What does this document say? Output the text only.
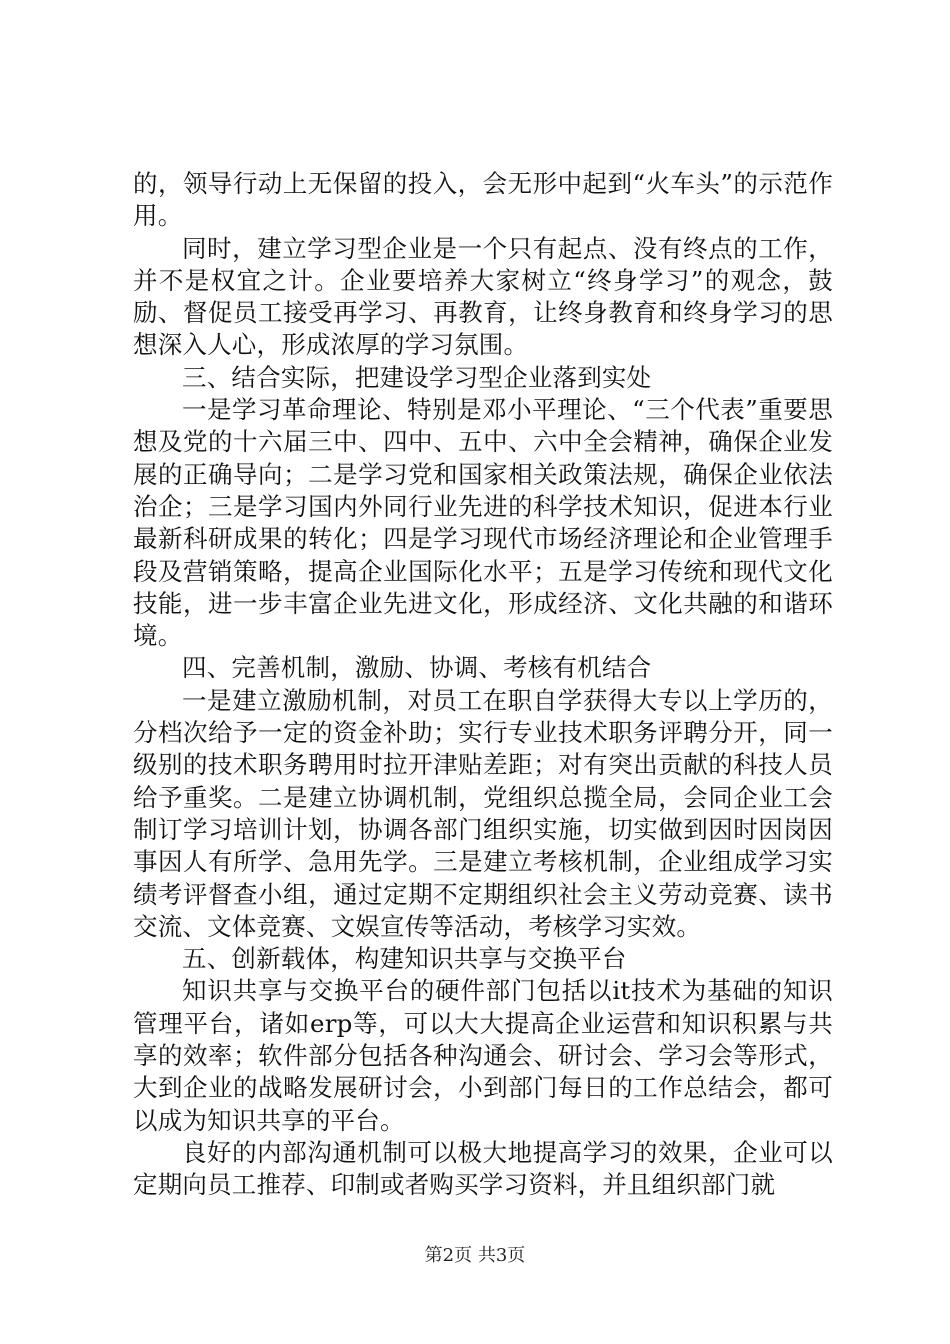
的，领导行动上无保留的投入，会无形中起到“火车头”的示范作用。

同时，建立学习型企业是一个只有起点、没有终点的工作，并不是权宜之计。企业要培养大家树立“终身学习”的观念，鼓励、督促员工接受再学习、再教育，让终身教育和终身学习的思想深入人心，形成浓厚的学习氛围。

三、结合实际，把建设学习型企业落到实处

一是学习革命理论、特别是邓小平理论、“三个代表”重要思想及党的十六届三中、四中、五中、六中全会精神，确保企业发展的正确导向；二是学习党和国家相关政策法规，确保企业依法治企；三是学习国内外同行业先进的科学技术知识，促进本行业最新科研成果的转化；四是学习现代市场经济理论和企业管理手段及营销策略，提高企业国际化水平；五是学习传统和现代文化技能，进一步丰富企业先进文化，形成经济、文化共融的和谐环境。

四、完善机制，激励、协调、考核有机结合

一是建立激励机制，对员工在职自学获得大专以上学历的，分档次给予一定的资金补助；实行专业技术职务评聘分开，同一级别的技术职务聘用时拉开津贴差距；对有突出贡献的科技人员给予重奖。二是建立协调机制，党组织总揽全局，会同企业工会制订学习培训计划，协调各部门组织实施，切实做到因时因岗因事因人有所学、急用先学。三是建立考核机制，企业组成学习实绩考评督查小组，通过定期不定期组织社会主义劳动竞赛、读书交流、文体竞赛、文娱宣传等活动，考核学习实效。

五、创新载体，构建知识共享与交换平台

知识共享与交换平台的硬件部门包括以it技术为基础的知识管理平台，诸如erp等，可以大大提高企业运营和知识积累与共享的效率；软件部分包括各种沟通会、研讨会、学习会等形式，大到企业的战略发展研讨会，小到部门每日的工作总结会，都可以成为知识共享的平台。

良好的内部沟通机制可以极大地提高学习的效果，企业可以定期向员工推荐、印制或者购买学习资料，并且组织部门就

第2页 共3页
